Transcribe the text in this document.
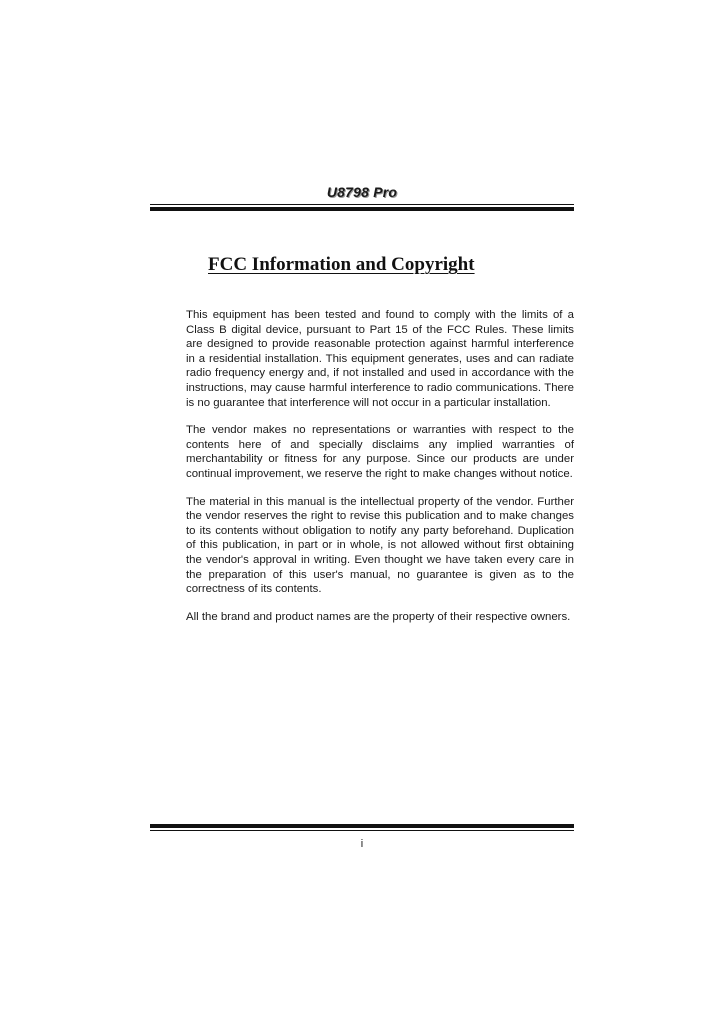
U8798 Pro
FCC Information and Copyright

This equipment has been tested and found to comply with the limits of a Class B digital device, pursuant to Part 15 of the FCC Rules. These limits are designed to provide reasonable protection against harmful interference in a residential installation. This equipment generates, uses and can radiate radio frequency energy and, if not installed and used in accordance with the instructions, may cause harmful interference to radio communications. There is no guarantee that interference will not occur in a particular installation.

The vendor makes no representations or warranties with respect to the contents here of and specially disclaims any implied warranties of merchantability or fitness for any purpose. Since our products are under continual improvement, we reserve the right to make changes without notice.

The material in this manual is the intellectual property of the vendor. Further the vendor reserves the right to revise this publication and to make changes to its contents without obligation to notify any party beforehand. Duplication of this publication, in part or in whole, is not allowed without first obtaining the vendor's approval in writing. Even thought we have taken every care in the preparation of this user's manual, no guarantee is given as to the correctness of its contents.

All the brand and product names are the property of their respective owners.

i
